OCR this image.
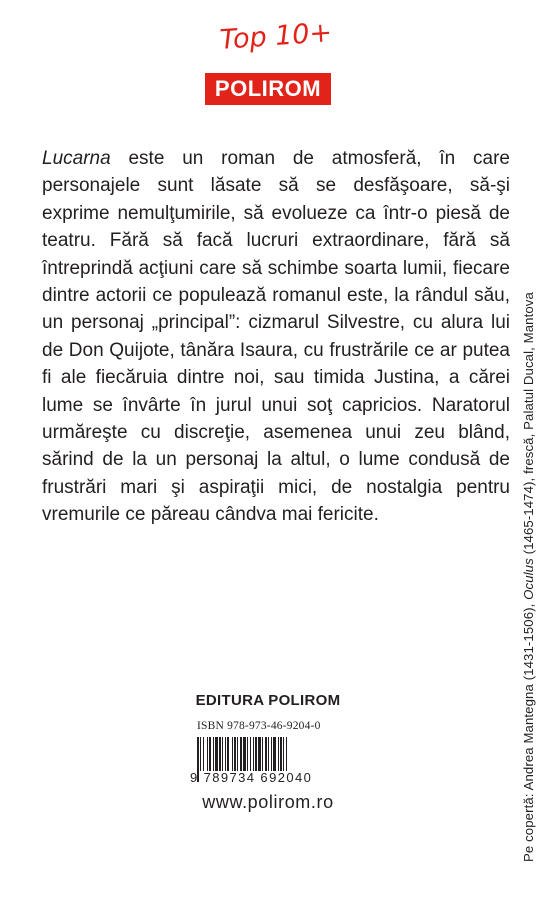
Top 10+
POLIROM

Lucarna este un roman de atmosferă, în care personajele sunt lăsate să se desfăşoare, să-şi exprime nemulţumirile, să evolueze ca într-o piesă de teatru. Fără să facă lucruri extraordinare, fără să întreprindă acţiuni care să schimbe soarta lumii, fiecare dintre actorii ce populează romanul este, la rândul său, un personaj „principal”: cizmarul Silvestre, cu alura lui de Don Quijote, tânăra Isaura, cu frustrările ce ar putea fi ale fiecăruia dintre noi, sau timida Justina, a cărei lume se învârte în jurul unui soţ capricios. Naratorul urmăreşte cu discreţie, asemenea unui zeu blând, sărind de la un personaj la altul, o lume condusă de frustrări mari şi aspiraţii mici, de nostalgia pentru vremurile ce păreau cândva mai fericite.

EDITURA POLIROM
ISBN 978-973-46-9204-0
9 789734 692040
www.polirom.ro	Pe copertă: Andrea Mantegna (1431-1506), Oculus (1465-1474), frescă, Palatul Ducal, Mantova
